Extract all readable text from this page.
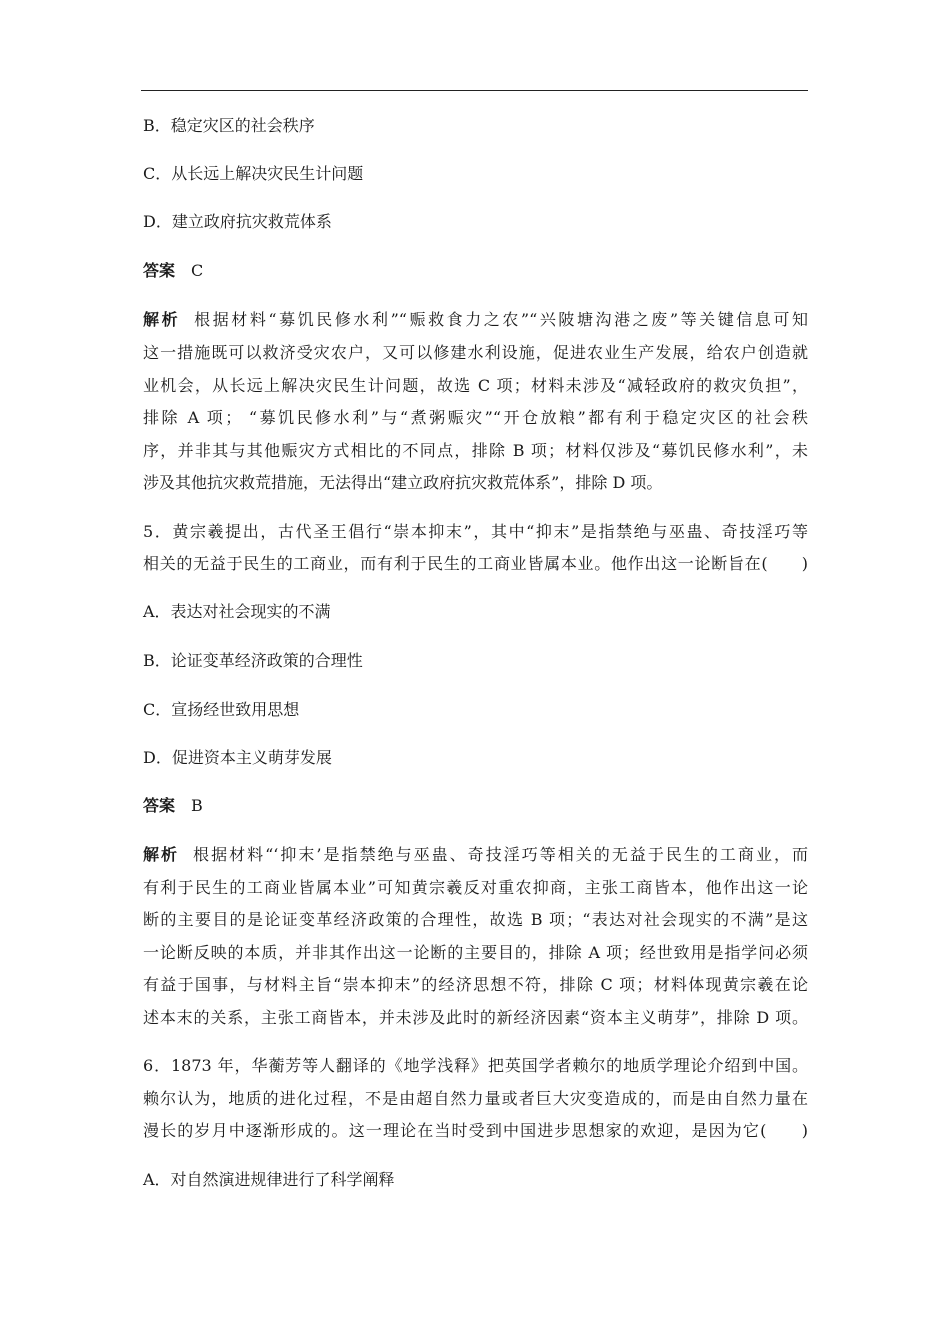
B．稳定灾区的社会秩序
C．从长远上解决灾民生计问题
D．建立政府抗灾救荒体系
答案 C
解析 根据材料“募饥民修水利”“赈救食力之农”“兴陂塘沟港之废”等关键信息可知
这一措施既可以救济受灾农户，又可以修建水利设施，促进农业生产发展，给农户创造就
业机会，从长远上解决灾民生计问题，故选 C 项；材料未涉及“减轻政府的救灾负担”，
排除 A 项； “募饥民修水利”与“煮粥赈灾”“开仓放粮”都有利于稳定灾区的社会秩
序，并非其与其他赈灾方式相比的不同点，排除 B 项；材料仅涉及“募饥民修水利”，未
涉及其他抗灾救荒措施，无法得出“建立政府抗灾救荒体系”，排除 D 项。
5．黄宗羲提出，古代圣王倡行“崇本抑末”，其中“抑末”是指禁绝与巫蛊、奇技淫巧等
相关的无益于民生的工商业，而有利于民生的工商业皆属本业。他作出这一论断旨在(　　)
A．表达对社会现实的不满
B．论证变革经济政策的合理性
C．宣扬经世致用思想
D．促进资本主义萌芽发展
答案 B
解析 根据材料“‘抑末’是指禁绝与巫蛊、奇技淫巧等相关的无益于民生的工商业，而
有利于民生的工商业皆属本业”可知黄宗羲反对重农抑商，主张工商皆本，他作出这一论
断的主要目的是论证变革经济政策的合理性，故选 B 项；“表达对社会现实的不满”是这
一论断反映的本质，并非其作出这一论断的主要目的，排除 A 项；经世致用是指学问必须
有益于国事，与材料主旨“崇本抑末”的经济思想不符，排除 C 项；材料体现黄宗羲在论
述本末的关系，主张工商皆本，并未涉及此时的新经济因素“资本主义萌芽”，排除 D 项。
6．1873 年，华蘅芳等人翻译的《地学浅释》把英国学者赖尔的地质学理论介绍到中国。
赖尔认为，地质的进化过程，不是由超自然力量或者巨大灾变造成的，而是由自然力量在
漫长的岁月中逐渐形成的。这一理论在当时受到中国进步思想家的欢迎，是因为它(　　)
A．对自然演进规律进行了科学阐释
